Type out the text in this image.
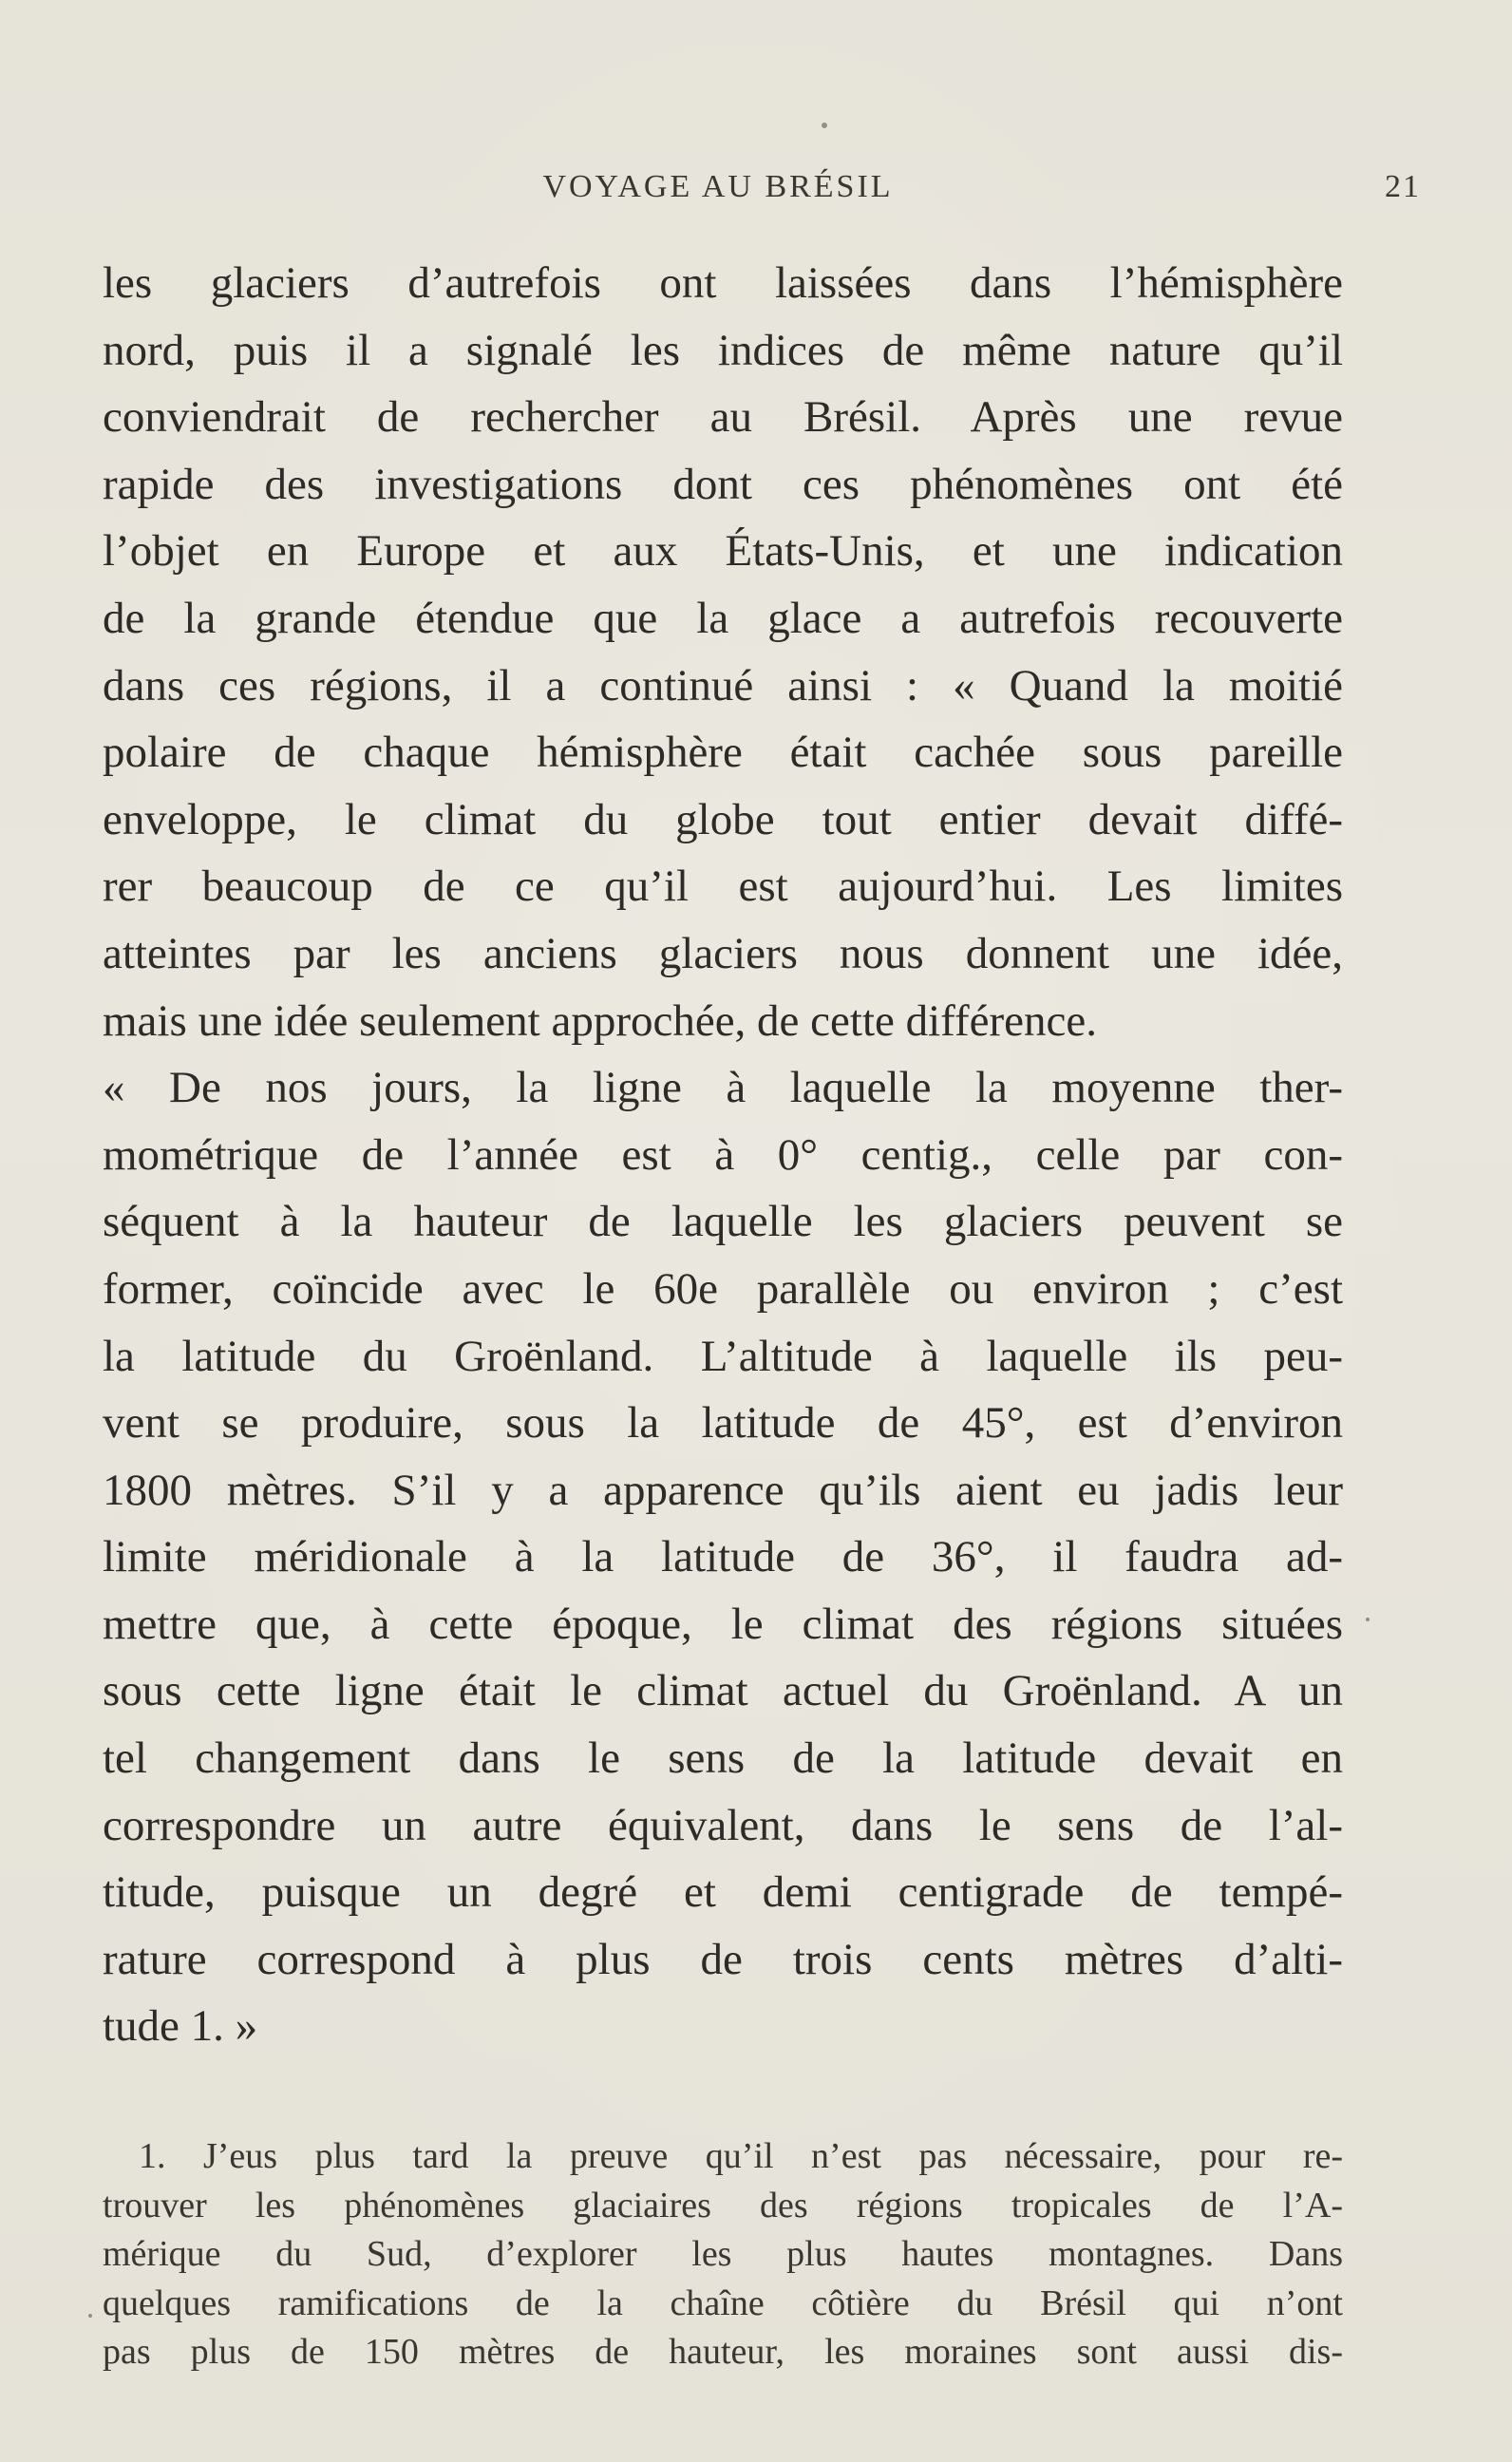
VOYAGE AU BRÉSIL	21
les glaciers d’autrefois ont laissées dans l’hémisphère
nord, puis il a signalé les indices de même nature qu’il
conviendrait de rechercher au Brésil. Après une revue
rapide des investigations dont ces phénomènes ont été
l’objet en Europe et aux États-Unis, et une indication
de la grande étendue que la glace a autrefois recouverte
dans ces régions, il a continué ainsi : « Quand la moitié
polaire de chaque hémisphère était cachée sous pareille
enveloppe, le climat du globe tout entier devait diffé-
rer beaucoup de ce qu’il est aujourd’hui. Les limites
atteintes par les anciens glaciers nous donnent une idée,
mais une idée seulement approchée, de cette différence.
« De nos jours, la ligne à laquelle la moyenne ther-
mométrique de l’année est à 0° centig., celle par con-
séquent à la hauteur de laquelle les glaciers peuvent se
former, coïncide avec le 60e parallèle ou environ ; c’est
la latitude du Groënland. L’altitude à laquelle ils peu-
vent se produire, sous la latitude de 45°, est d’environ
1800 mètres. S’il y a apparence qu’ils aient eu jadis leur
limite méridionale à la latitude de 36°, il faudra ad-
mettre que, à cette époque, le climat des régions situées
sous cette ligne était le climat actuel du Groënland. A un
tel changement dans le sens de la latitude devait en
correspondre un autre équivalent, dans le sens de l’al-
titude, puisque un degré et demi centigrade de tempé-
rature correspond à plus de trois cents mètres d’alti-
tude 1. »
1. J’eus plus tard la preuve qu’il n’est pas nécessaire, pour re-
trouver les phénomènes glaciaires des régions tropicales de l’A-
mérique du Sud, d’explorer les plus hautes montagnes. Dans
quelques ramifications de la chaîne côtière du Brésil qui n’ont
pas plus de 150 mètres de hauteur, les moraines sont aussi dis-
